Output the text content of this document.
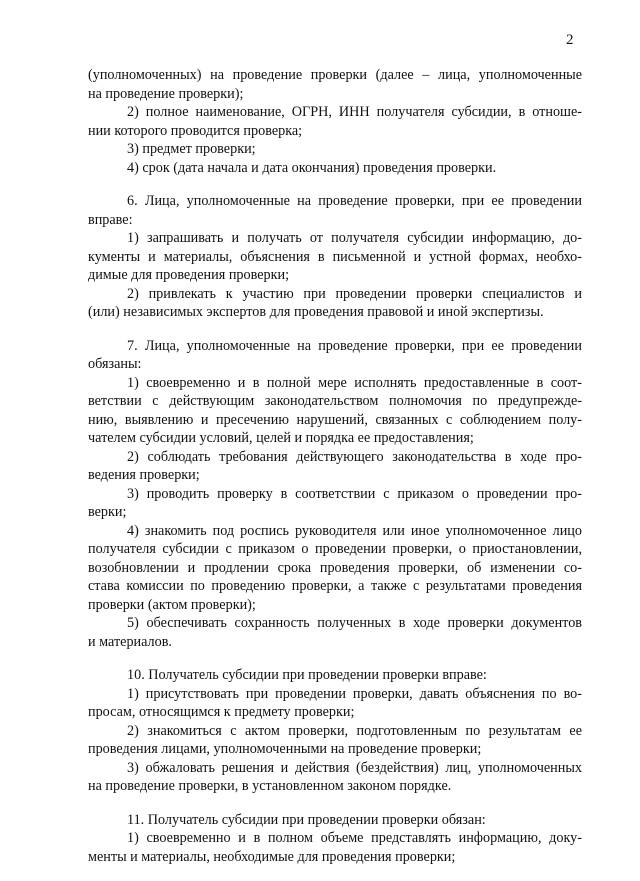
2
(уполномоченных) на проведение проверки (далее – лица, уполномоченные
на проведение проверки);
2) полное наименование, ОГРН, ИНН получателя субсидии, в отноше-
нии которого проводится проверка;
3) предмет проверки;
4) срок (дата начала и дата окончания) проведения проверки.
6. Лица, уполномоченные на проведение проверки, при ее проведении
вправе:
1) запрашивать и получать от получателя субсидии информацию, до-
кументы и материалы, объяснения в письменной и устной формах, необхо-
димые для проведения проверки;
2) привлекать к участию при проведении проверки специалистов и
(или) независимых экспертов для проведения правовой и иной экспертизы.
7. Лица, уполномоченные на проведение проверки, при ее проведении
обязаны:
1) своевременно и в полной мере исполнять предоставленные в соот-
ветствии с действующим законодательством полномочия по предупрежде-
нию, выявлению и пресечению нарушений, связанных с соблюдением полу-
чателем субсидии условий, целей и порядка ее предоставления;
2) соблюдать требования действующего законодательства в ходе про-
ведения проверки;
3) проводить проверку в соответствии с приказом о проведении про-
верки;
4) знакомить под роспись руководителя или иное уполномоченное лицо
получателя субсидии с приказом о проведении проверки, о приостановлении,
возобновлении и продлении срока проведения проверки, об изменении со-
става комиссии по проведению проверки, а также с результатами проведения
проверки (актом проверки);
5) обеспечивать сохранность полученных в ходе проверки документов
и материалов.
10. Получатель субсидии при проведении проверки вправе:
1) присутствовать при проведении проверки, давать объяснения по во-
просам, относящимся к предмету проверки;
2) знакомиться с актом проверки, подготовленным по результатам ее
проведения лицами, уполномоченными на проведение проверки;
3) обжаловать решения и действия (бездействия) лиц, уполномоченных
на проведение проверки, в установленном законом порядке.
11. Получатель субсидии при проведении проверки обязан:
1) своевременно и в полном объеме представлять информацию, доку-
менты и материалы, необходимые для проведения проверки;
